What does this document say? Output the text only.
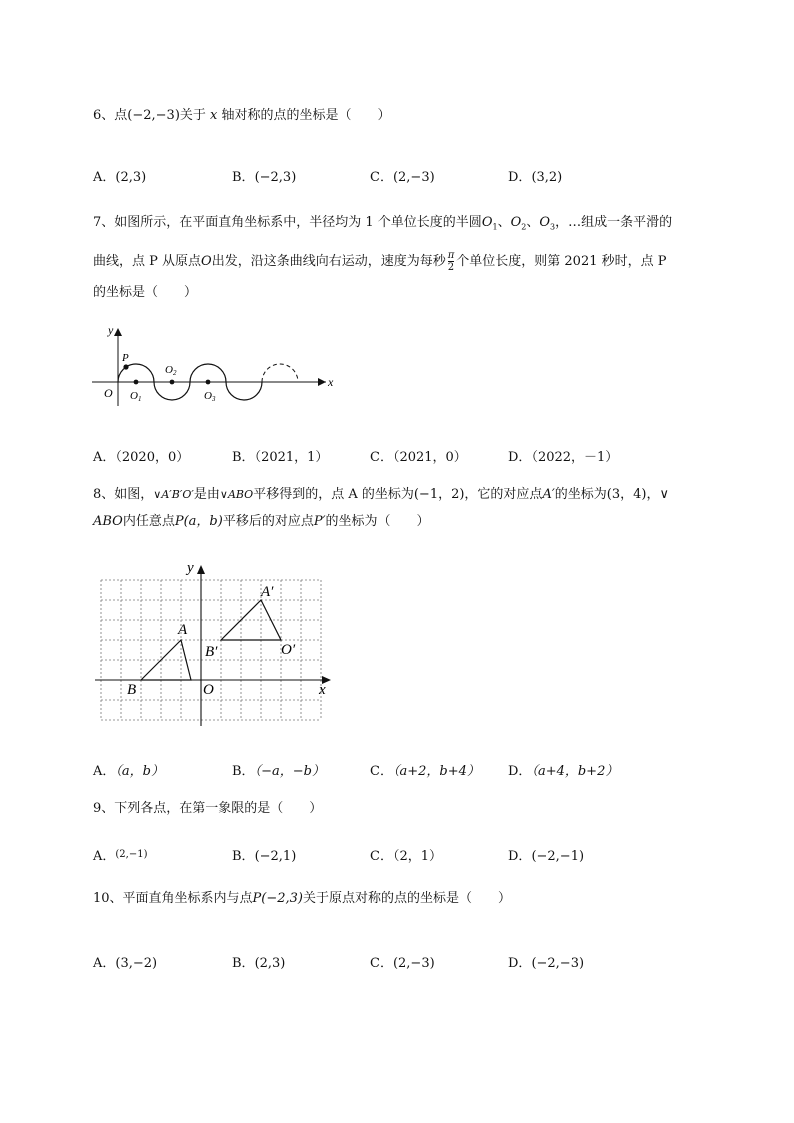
6、点(−2,−3)关于 x 轴对称的点的坐标是（　　）
A．(2,3)	B．(−2,3)	C．(2,−3)	D．(3,2)
7、如图所示，在平面直角坐标系中，半径均为 1 个单位长度的半圆$O_1$、$O_2$、$O_3$，…组成一条平滑的
曲线，点 P 从原点O出发，沿这条曲线向右运动，速度为每秒 $\frac{\pi}{2}$ 个单位长度，则第 2021 秒时，点 P
的坐标是（　　）
y
x
P
O O1
O2
O3
A．（2020，0）	B．（2021，1）	C．（2021，0）	D．（2022，－1）
8、如图，∨A′B′O′是由∨ABO平移得到的，点 A 的坐标为(−1，2)，它的对应点A′的坐标为(3，4)，∨
ABO内任意点P(a，b)平移后的对应点P′的坐标为（　　）
y
x
A
B	O
A′
B′	O′
A．（a，b）	B．（−a，−b）	C．（a+2，b+4） D．（a+4，b+2）
9、下列各点，在第一象限的是（　　）
A．$^{(2,-1)}$	B．(−2,1)	C．（2，1）	D．(−2,−1)
10、平面直角坐标系内与点P(−2,3)关于原点对称的点的坐标是（　　）
A．(3,−2)	B．(2,3)	C．(2,−3)	D．(−2,−3)
